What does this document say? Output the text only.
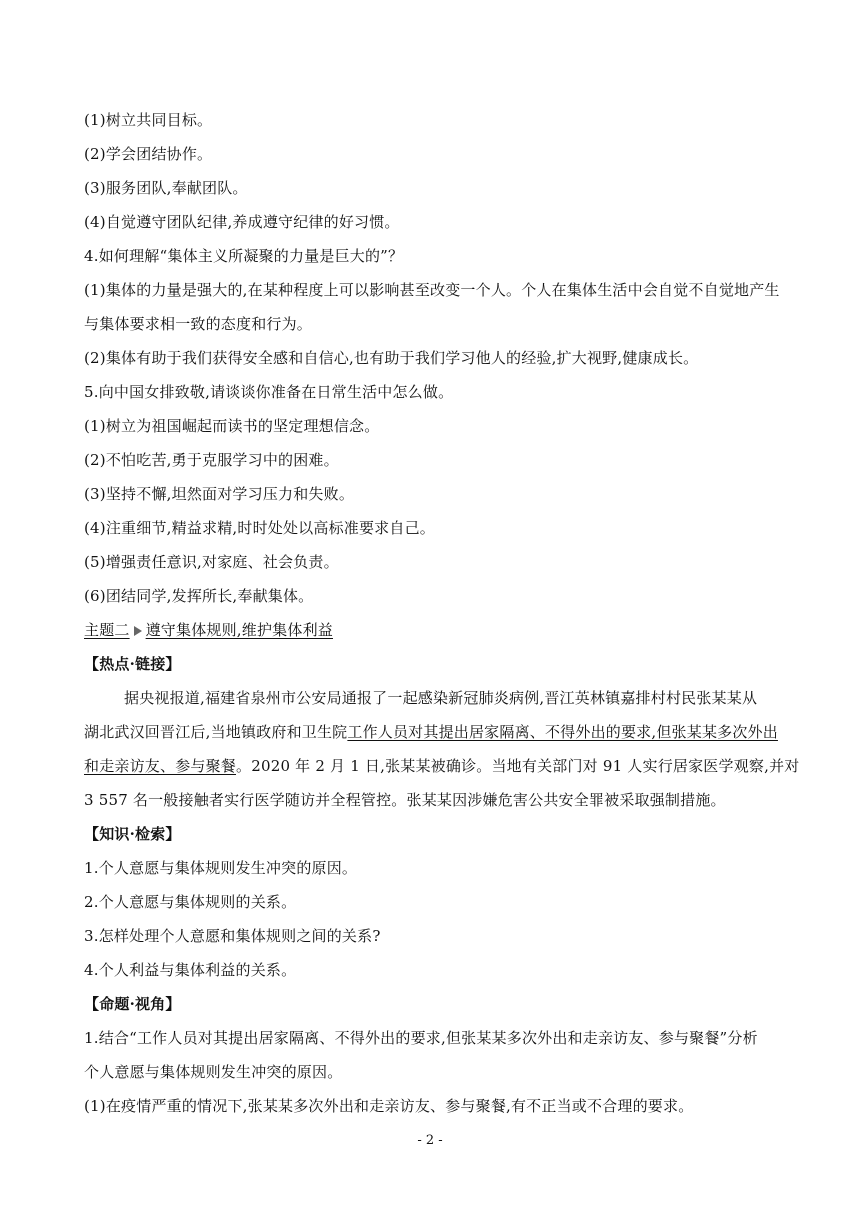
(1)树立共同目标。
(2)学会团结协作。
(3)服务团队,奉献团队。
(4)自觉遵守团队纪律,养成遵守纪律的好习惯。
4.如何理解“集体主义所凝聚的力量是巨大的”？
(1)集体的力量是强大的,在某种程度上可以影响甚至改变一个人。个人在集体生活中会自觉不自觉地产生
与集体要求相一致的态度和行为。
(2)集体有助于我们获得安全感和自信心,也有助于我们学习他人的经验,扩大视野,健康成长。
5.向中国女排致敬,请谈谈你准备在日常生活中怎么做。
(1)树立为祖国崛起而读书的坚定理想信念。
(2)不怕吃苦,勇于克服学习中的困难。
(3)坚持不懈,坦然面对学习压力和失败。
(4)注重细节,精益求精,时时处处以高标准要求自己。
(5)增强责任意识,对家庭、社会负责。
(6)团结同学,发挥所长,奉献集体。
主题二 遵守集体规则,维护集体利益
【热点·链接】
据央视报道,福建省泉州市公安局通报了一起感染新冠肺炎病例,晋江英林镇嘉排村村民张某某从
湖北武汉回晋江后,当地镇政府和卫生院工作人员对其提出居家隔离、不得外出的要求,但张某某多次外出
和走亲访友、参与聚餐。2020 年 2 月 1 日,张某某被确诊。当地有关部门对 91 人实行居家医学观察,并对
3 557 名一般接触者实行医学随访并全程管控。张某某因涉嫌危害公共安全罪被采取强制措施。
【知识·检索】
1.个人意愿与集体规则发生冲突的原因。
2.个人意愿与集体规则的关系。
3.怎样处理个人意愿和集体规则之间的关系?
4.个人利益与集体利益的关系。
【命题·视角】
1.结合“工作人员对其提出居家隔离、不得外出的要求,但张某某多次外出和走亲访友、参与聚餐”分析
个人意愿与集体规则发生冲突的原因。
(1)在疫情严重的情况下,张某某多次外出和走亲访友、参与聚餐,有不正当或不合理的要求。
- 2 -
